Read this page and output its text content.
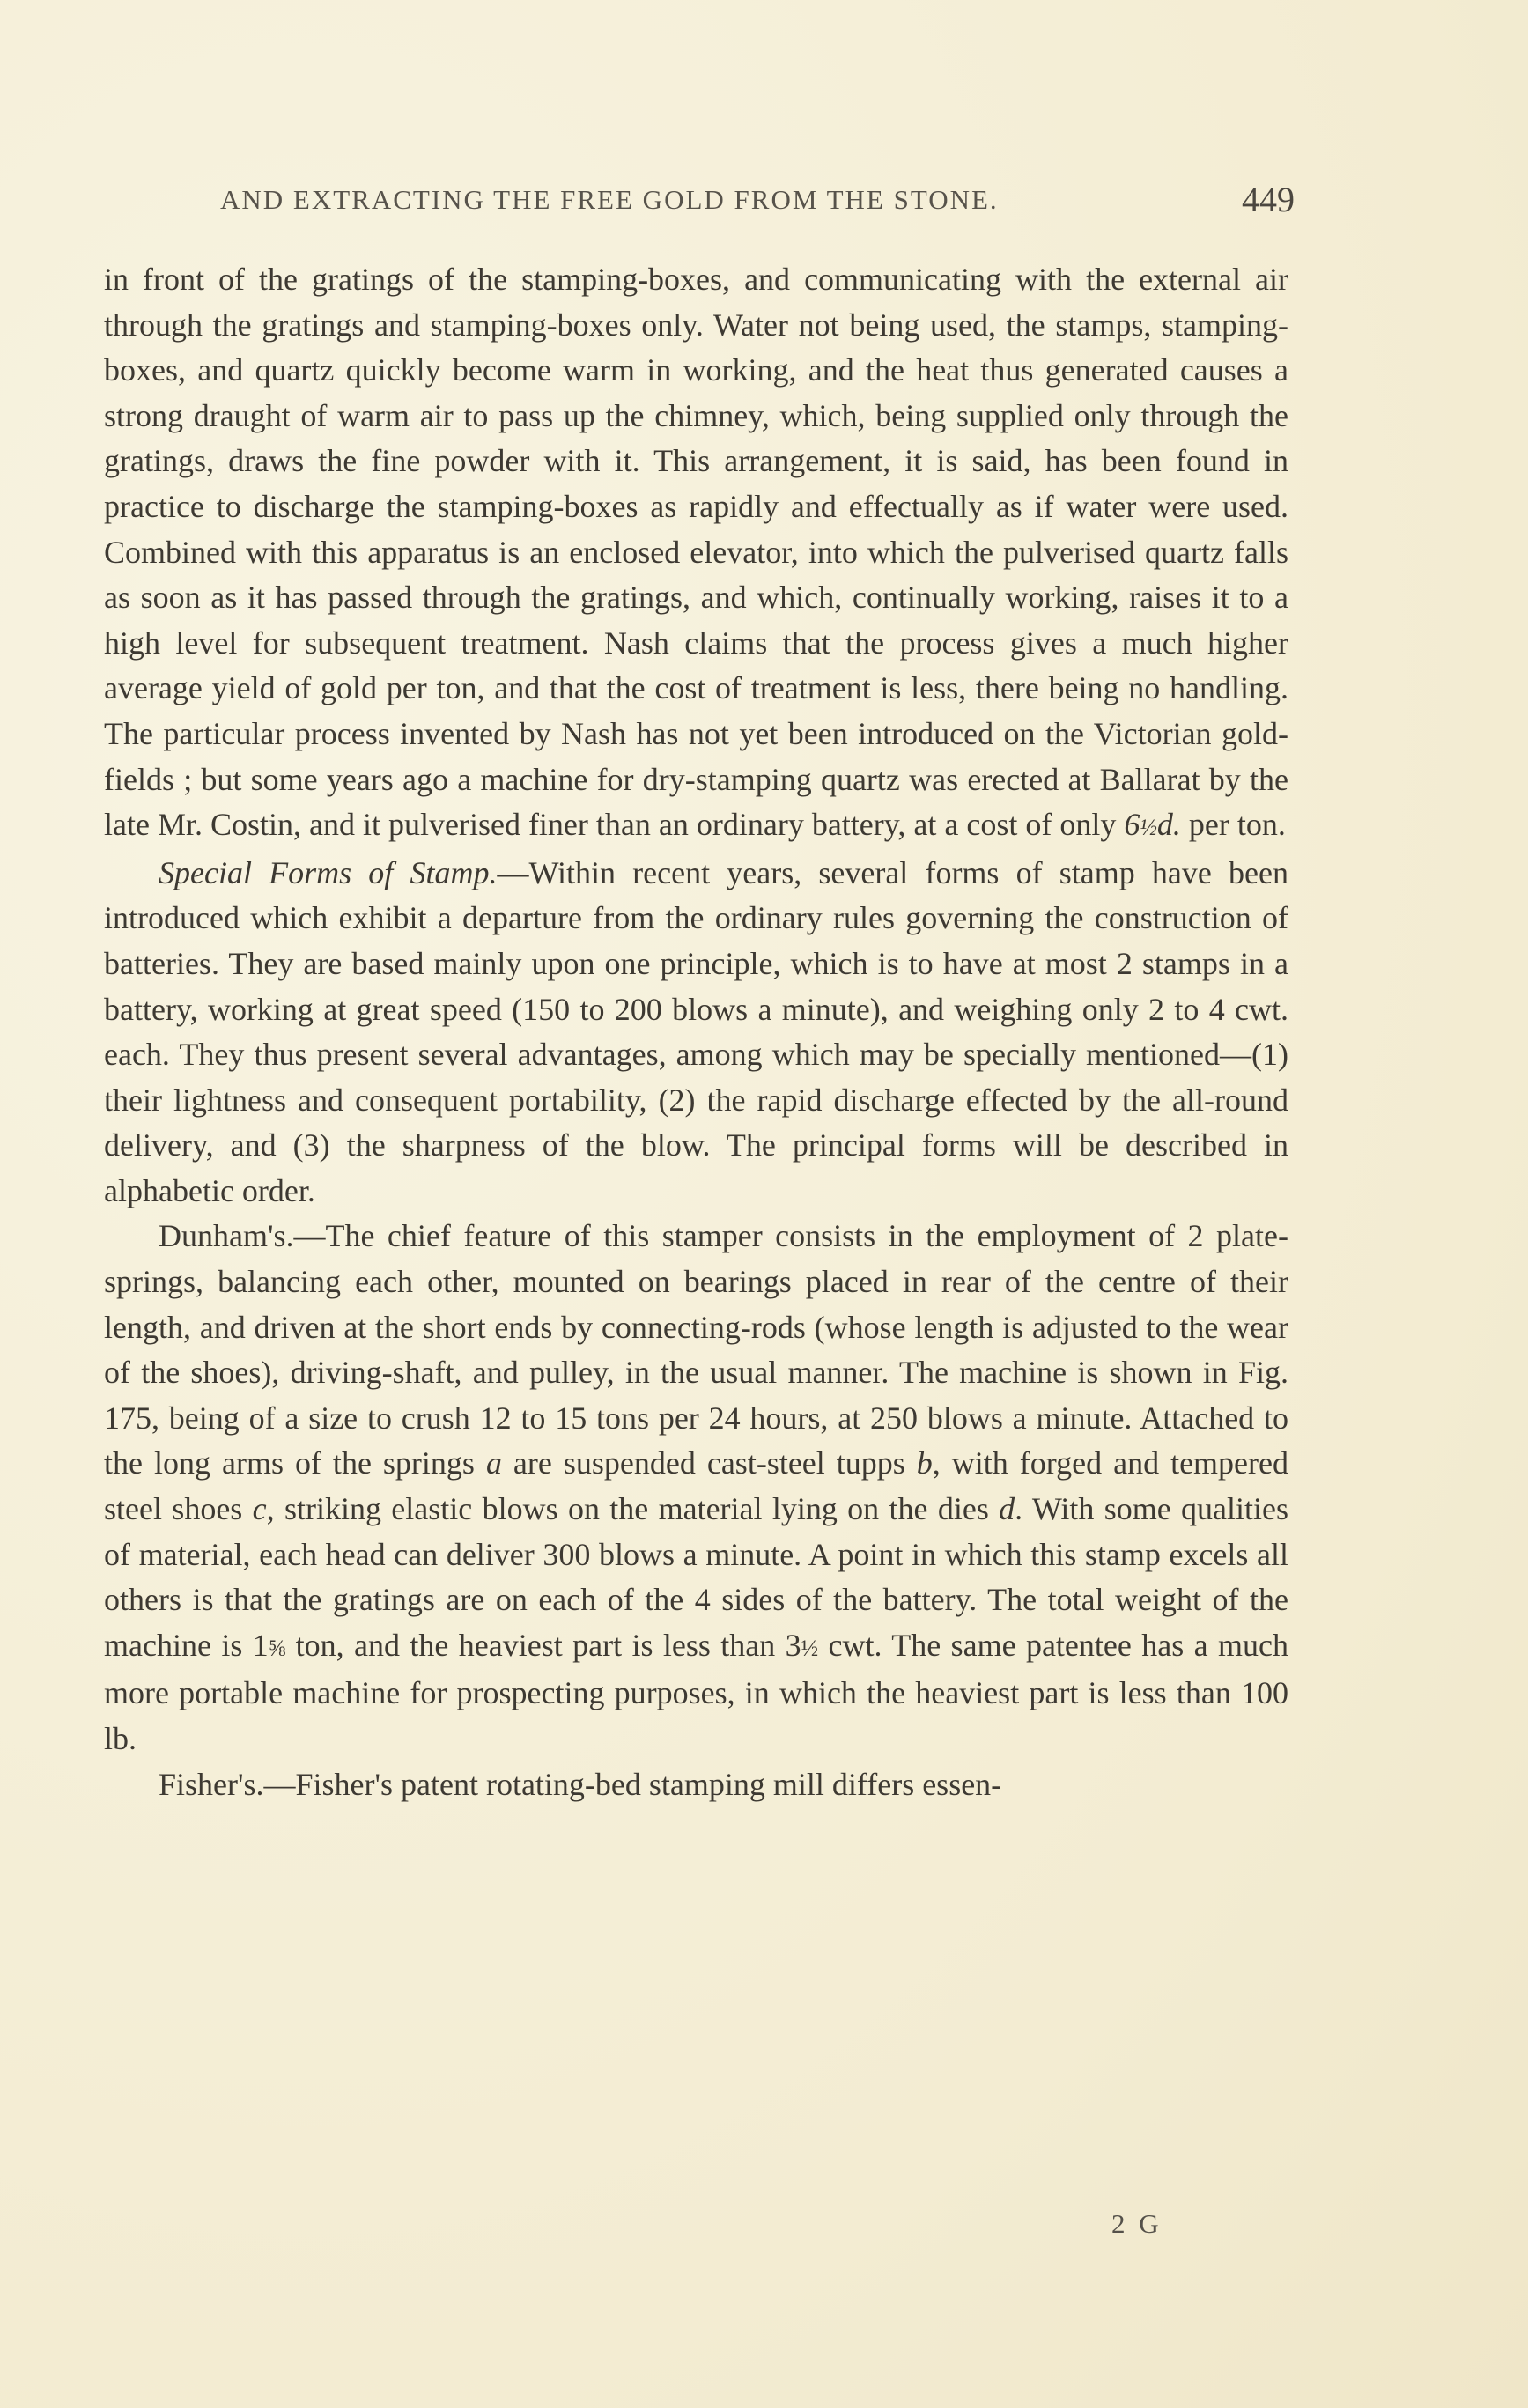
AND EXTRACTING THE FREE GOLD FROM THE STONE.	449

in front of the gratings of the stamping-boxes, and communicating with the external air through the gratings and stamping-boxes only. Water not being used, the stamps, stamping-boxes, and quartz quickly become warm in working, and the heat thus generated causes a strong draught of warm air to pass up the chimney, which, being supplied only through the gratings, draws the fine powder with it. This arrangement, it is said, has been found in practice to discharge the stamping-boxes as rapidly and effectually as if water were used. Combined with this apparatus is an enclosed elevator, into which the pulverised quartz falls as soon as it has passed through the gratings, and which, continually working, raises it to a high level for subsequent treatment. Nash claims that the process gives a much higher average yield of gold per ton, and that the cost of treatment is less, there being no handling. The particular process invented by Nash has not yet been introduced on the Victorian gold-fields ; but some years ago a machine for dry-stamping quartz was erected at Ballarat by the late Mr. Costin, and it pulverised finer than an ordinary battery, at a cost of only 6½d. per ton.

Special Forms of Stamp.—Within recent years, several forms of stamp have been introduced which exhibit a departure from the ordinary rules governing the construction of batteries. They are based mainly upon one principle, which is to have at most 2 stamps in a battery, working at great speed (150 to 200 blows a minute), and weighing only 2 to 4 cwt. each. They thus present several advantages, among which may be specially mentioned—(1) their lightness and consequent portability, (2) the rapid discharge effected by the all-round delivery, and (3) the sharpness of the blow. The principal forms will be described in alphabetic order.

Dunham's.—The chief feature of this stamper consists in the employment of 2 plate-springs, balancing each other, mounted on bearings placed in rear of the centre of their length, and driven at the short ends by connecting-rods (whose length is adjusted to the wear of the shoes), driving-shaft, and pulley, in the usual manner. The machine is shown in Fig. 175, being of a size to crush 12 to 15 tons per 24 hours, at 250 blows a minute. Attached to the long arms of the springs a are suspended cast-steel tupps b, with forged and tempered steel shoes c, striking elastic blows on the material lying on the dies d. With some qualities of material, each head can deliver 300 blows a minute. A point in which this stamp excels all others is that the gratings are on each of the 4 sides of the battery. The total weight of the machine is 1⅝ ton, and the heaviest part is less than 3½ cwt. The same patentee has a much more portable machine for prospecting purposes, in which the heaviest part is less than 100 lb.

Fisher's.—Fisher's patent rotating-bed stamping mill differs essen-

2 G
